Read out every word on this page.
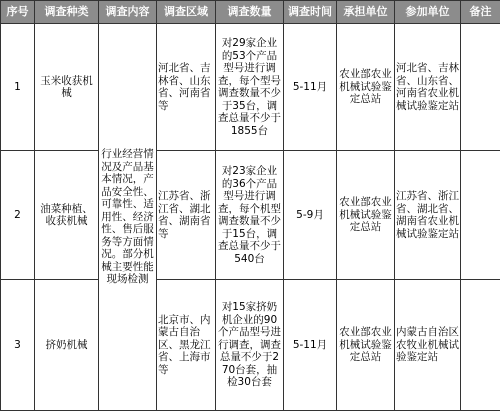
序号	调查种类	调查内容	调查区域	调查数量	调查时间	承担单位	参加单位	备注
1	玉米收获机械	行业经营情况及产品基本情况，产品安全性、可靠性、适用性、经济性、售后服务等方面情况。部分机械主要性能现场检测	河北省、吉林省、山东省、河南省等	对29家企业的53个产品型号进行调查，每个型号调查数量不少于35台，调查总量不少于1855台	5-11月	农业部农业机械试验鉴定总站	河北省、吉林省、山东省、河南省农业机械试验鉴定站	
2	油菜种植、收获机械		江苏省、浙江省、湖北省、湖南省等	对23家企业的36个产品型号进行调查，每个机型调查数量不少于15台，调查总量不少于540台	5-9月	农业部农业机械试验鉴定总站	江苏省、浙江省、湖北省、湖南省农业机械试验鉴定站	
3	挤奶机械		北京市、内蒙古自治区、黑龙江省、上海市等	对15家挤奶机企业的90个产品型号进行调查，调查总量不少于270台套，抽检30台套	5-11月	农业部农业机械试验鉴定总站	内蒙古自治区农牧业机械试验鉴定站	
